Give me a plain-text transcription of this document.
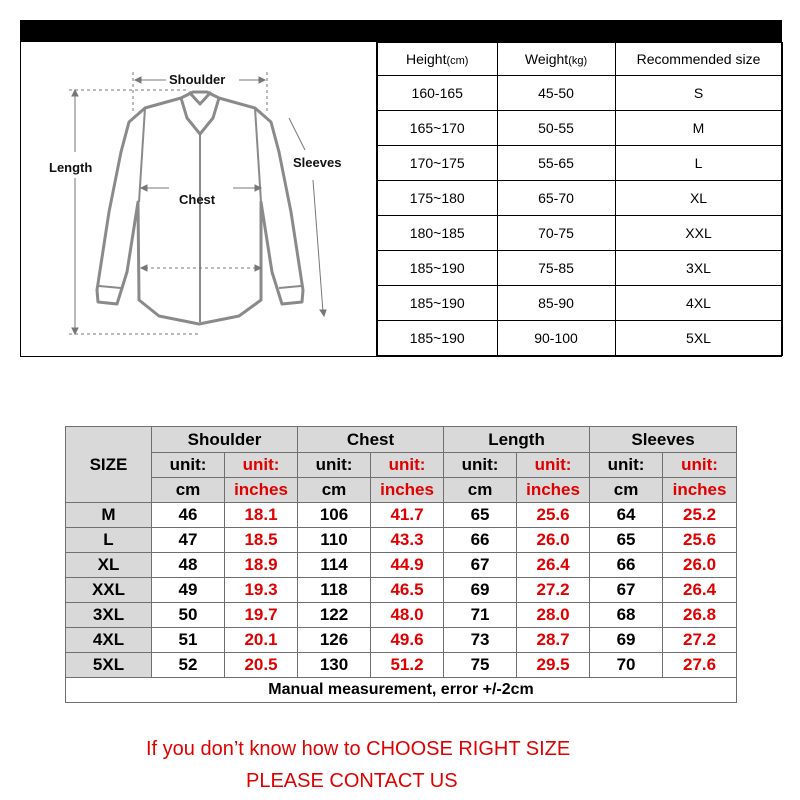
Shoulder
Length	Sleeves
Chest
Height(cm)	Weight(kg)	Recommended size
160-165	45-50	S
165~170	50-55	M
170~175	55-65	L
175~180	65-70	XL
180~185	70-75	XXL
185~190	75-85	3XL
185~190	85-90	4XL
185~190	90-100	5XL
SIZE	Shoulder		Chest		Length		Sleeves	
	unit:	unit:	unit:	unit:	unit:	unit:	unit:	unit:
	cm	inches	cm	inches	cm	inches	cm	inches
M	46	18.1	106	41.7	65	25.6	64	25.2
L	47	18.5	110	43.3	66	26.0	65	25.6
XL	48	18.9	114	44.9	67	26.4	66	26.0
XXL	49	19.3	118	46.5	69	27.2	67	26.4
3XL	50	19.7	122	48.0	71	28.0	68	26.8
4XL	51	20.1	126	49.6	73	28.7	69	27.2
5XL	52	20.5	130	51.2	75	29.5	70	27.6
Manual measurement, error +/-2cm								
If you don’t know how to CHOOSE RIGHT SIZE
PLEASE CONTACT US
